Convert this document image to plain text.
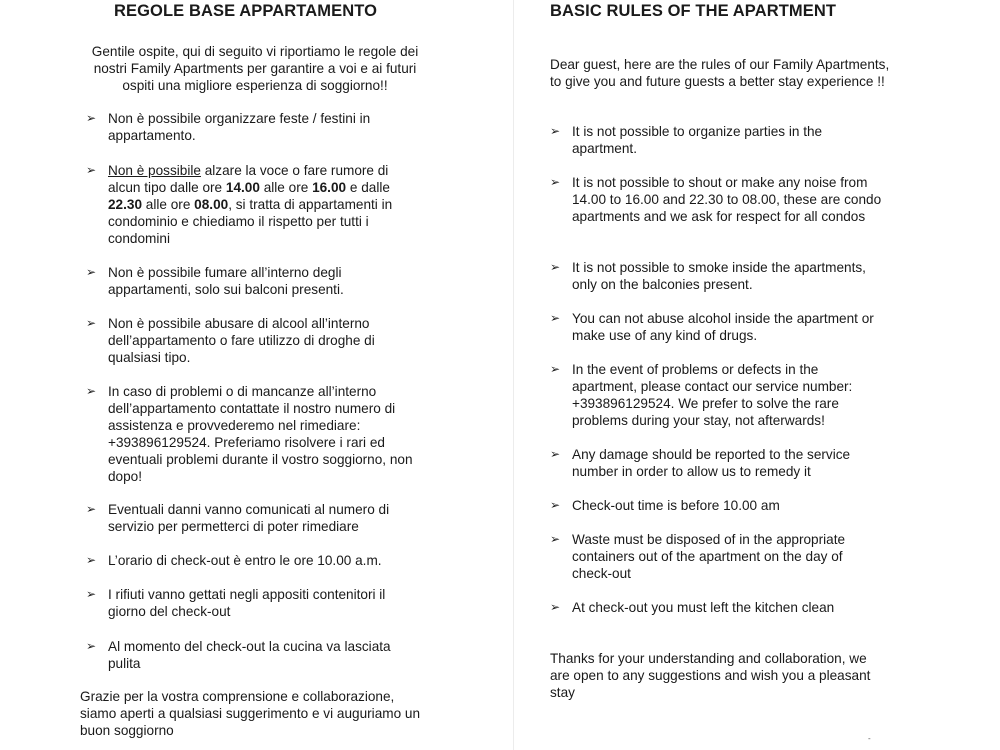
REGOLE BASE APPARTAMENTO

Gentile ospite, qui di seguito vi riportiamo le regole dei nostri Family Apartments per garantire a voi e ai futuri ospiti una migliore esperienza di soggiorno!!

➢ Non è possibile organizzare feste / festini in appartamento.
➢ Non è possibile alzare la voce o fare rumore di alcun tipo dalle ore 14.00 alle ore 16.00 e dalle 22.30 alle ore 08.00, si tratta di appartamenti in condominio e chiediamo il rispetto per tutti i condomini
➢ Non è possibile fumare all’interno degli appartamenti, solo sui balconi presenti.
➢ Non è possibile abusare di alcool all’interno dell’appartamento o fare utilizzo di droghe di qualsiasi tipo.
➢ In caso di problemi o di mancanze all’interno dell’appartamento contattate il nostro numero di assistenza e provvederemo nel rimediare: +393896129524. Preferiamo risolvere i rari ed eventuali problemi durante il vostro soggiorno, non dopo!
➢ Eventuali danni vanno comunicati al numero di servizio per permetterci di poter rimediare
➢ L’orario di check-out è entro le ore 10.00 a.m.
➢ I rifiuti vanno gettati negli appositi contenitori il giorno del check-out
➢ Al momento del check-out la cucina va lasciata pulita

Grazie per la vostra comprensione e collaborazione, siamo aperti a qualsiasi suggerimento e vi auguriamo un buon soggiorno

BASIC RULES OF THE APARTMENT

Dear guest, here are the rules of our Family Apartments, to give you and future guests a better stay experience !!

➢ It is not possible to organize parties in the apartment.
➢ It is not possible to shout or make any noise from 14.00 to 16.00 and 22.30 to 08.00, these are condo apartments and we ask for respect for all condos
➢ It is not possible to smoke inside the apartments, only on the balconies present.
➢ You can not abuse alcohol inside the apartment or make use of any kind of drugs.
➢ In the event of problems or defects in the apartment, please contact our service number: +393896129524. We prefer to solve the rare problems during your stay, not afterwards!
➢ Any damage should be reported to the service number in order to allow us to remedy it
➢ Check-out time is before 10.00 am
➢ Waste must be disposed of in the appropriate containers out of the apartment on the day of check-out
➢ At check-out you must left the kitchen clean

Thanks for your understanding and collaboration, we are open to any suggestions and wish you a pleasant stay

-
